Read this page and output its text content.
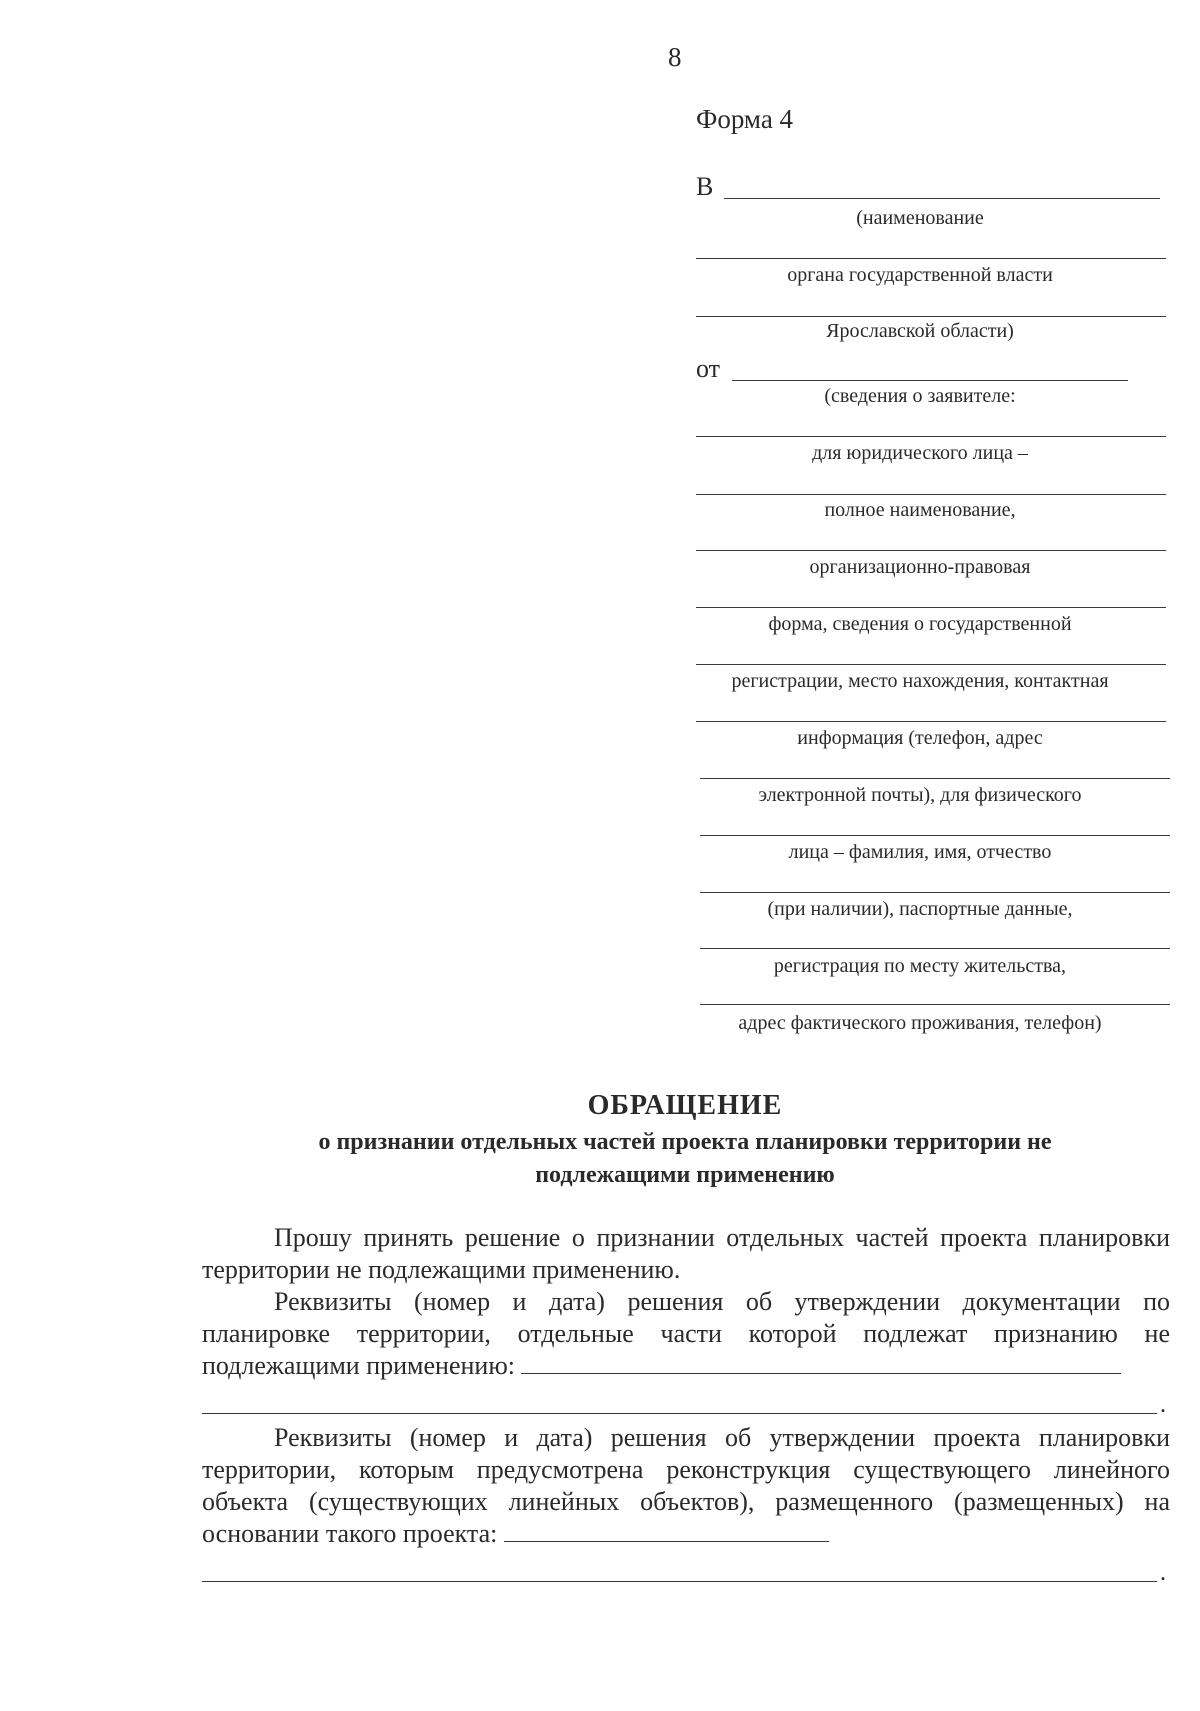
8
Форма 4
В
(наименование
органа государственной власти
Ярославской области)
от
(сведения о заявителе:
для юридического лица –
полное наименование,
организационно-правовая
форма, сведения о государственной
регистрации, место нахождения, контактная
информация (телефон, адрес
электронной почты), для физического
лица – фамилия, имя, отчество
(при наличии), паспортные данные,
регистрация по месту жительства,
адрес фактического проживания, телефон)
ОБРАЩЕНИЕ
о признании отдельных частей проекта планировки территории не
подлежащими применению
Прошу принять решение о признании отдельных частей проекта планировки территории не подлежащими применению.
Реквизиты (номер и дата) решения об утверждении документации по планировке территории, отдельные части которой подлежат признанию не подлежащими применению:
.
Реквизиты (номер и дата) решения об утверждении проекта планировки территории, которым предусмотрена реконструкция существующего линейного объекта (существующих линейных объектов), размещенного (размещенных) на основании такого проекта:
.
